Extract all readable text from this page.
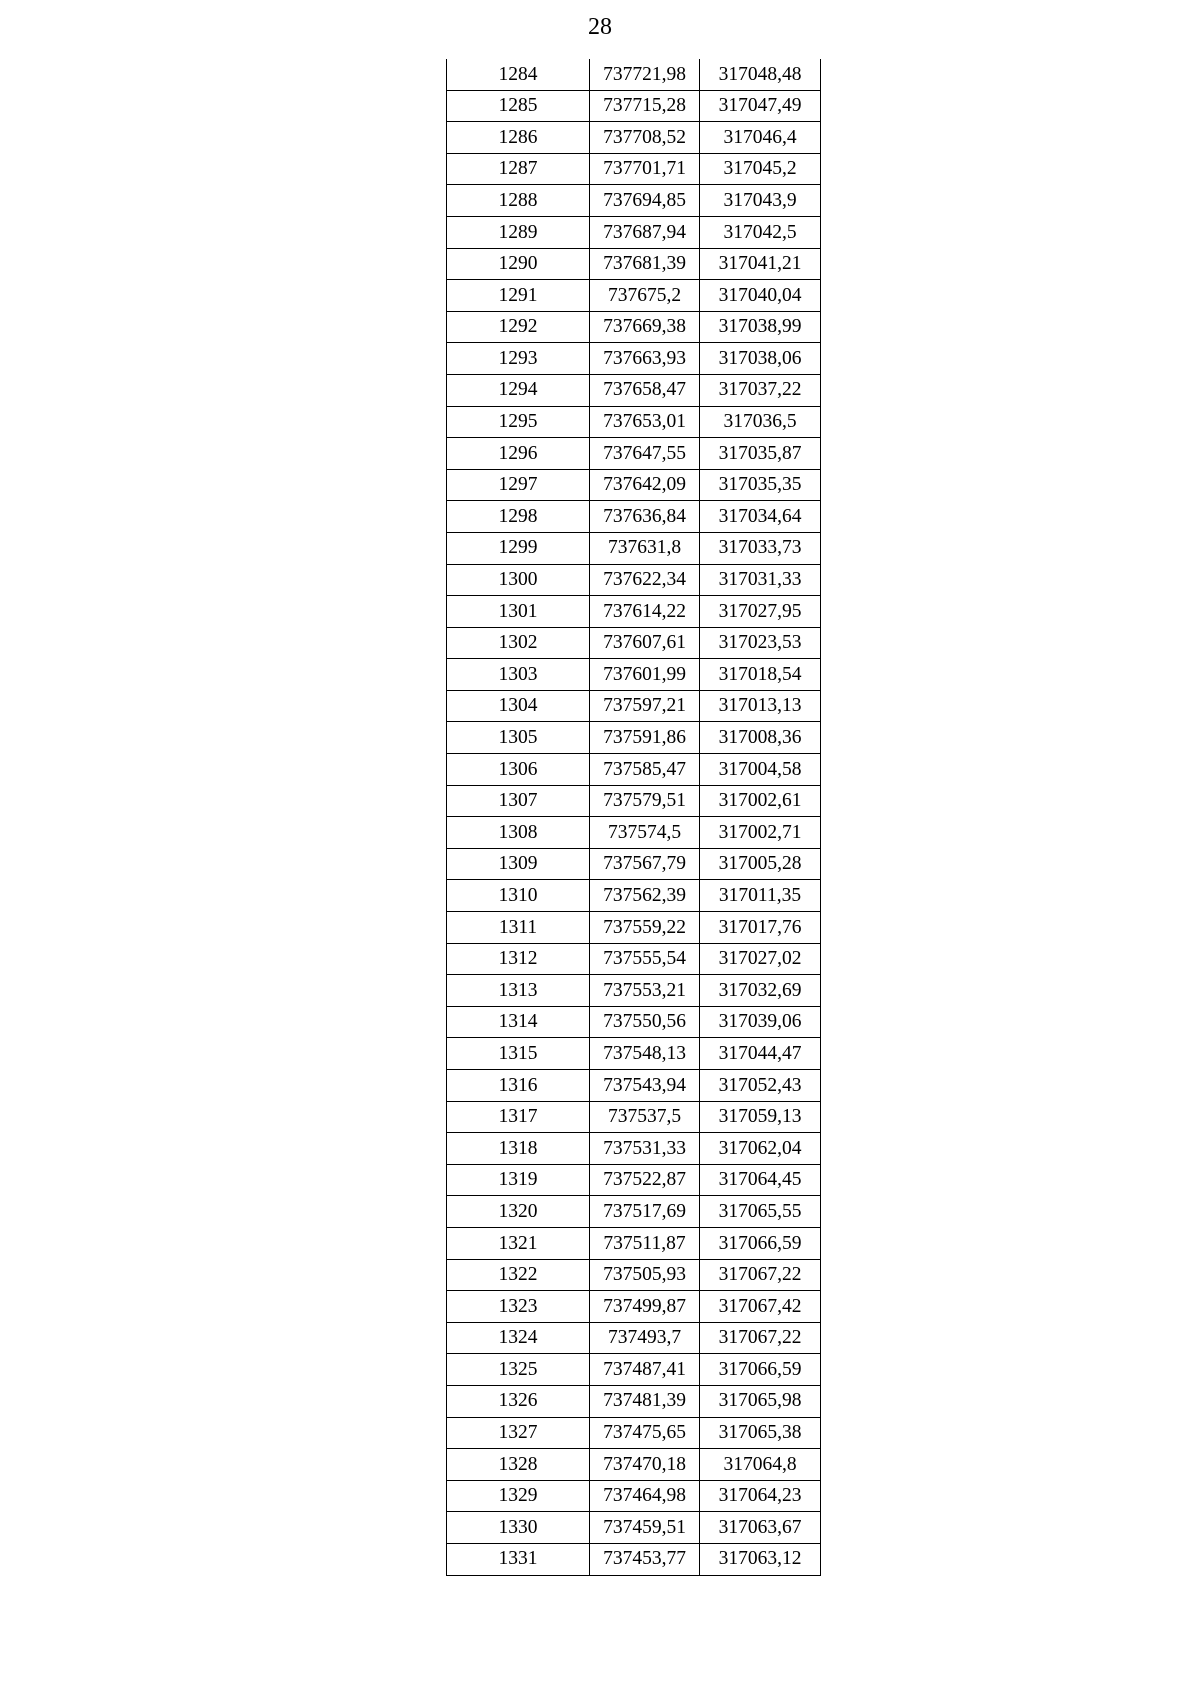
28
1284	737721,98	317048,48
1285	737715,28	317047,49
1286	737708,52	317046,4
1287	737701,71	317045,2
1288	737694,85	317043,9
1289	737687,94	317042,5
1290	737681,39	317041,21
1291	737675,2	317040,04
1292	737669,38	317038,99
1293	737663,93	317038,06
1294	737658,47	317037,22
1295	737653,01	317036,5
1296	737647,55	317035,87
1297	737642,09	317035,35
1298	737636,84	317034,64
1299	737631,8	317033,73
1300	737622,34	317031,33
1301	737614,22	317027,95
1302	737607,61	317023,53
1303	737601,99	317018,54
1304	737597,21	317013,13
1305	737591,86	317008,36
1306	737585,47	317004,58
1307	737579,51	317002,61
1308	737574,5	317002,71
1309	737567,79	317005,28
1310	737562,39	317011,35
1311	737559,22	317017,76
1312	737555,54	317027,02
1313	737553,21	317032,69
1314	737550,56	317039,06
1315	737548,13	317044,47
1316	737543,94	317052,43
1317	737537,5	317059,13
1318	737531,33	317062,04
1319	737522,87	317064,45
1320	737517,69	317065,55
1321	737511,87	317066,59
1322	737505,93	317067,22
1323	737499,87	317067,42
1324	737493,7	317067,22
1325	737487,41	317066,59
1326	737481,39	317065,98
1327	737475,65	317065,38
1328	737470,18	317064,8
1329	737464,98	317064,23
1330	737459,51	317063,67
1331	737453,77	317063,12
